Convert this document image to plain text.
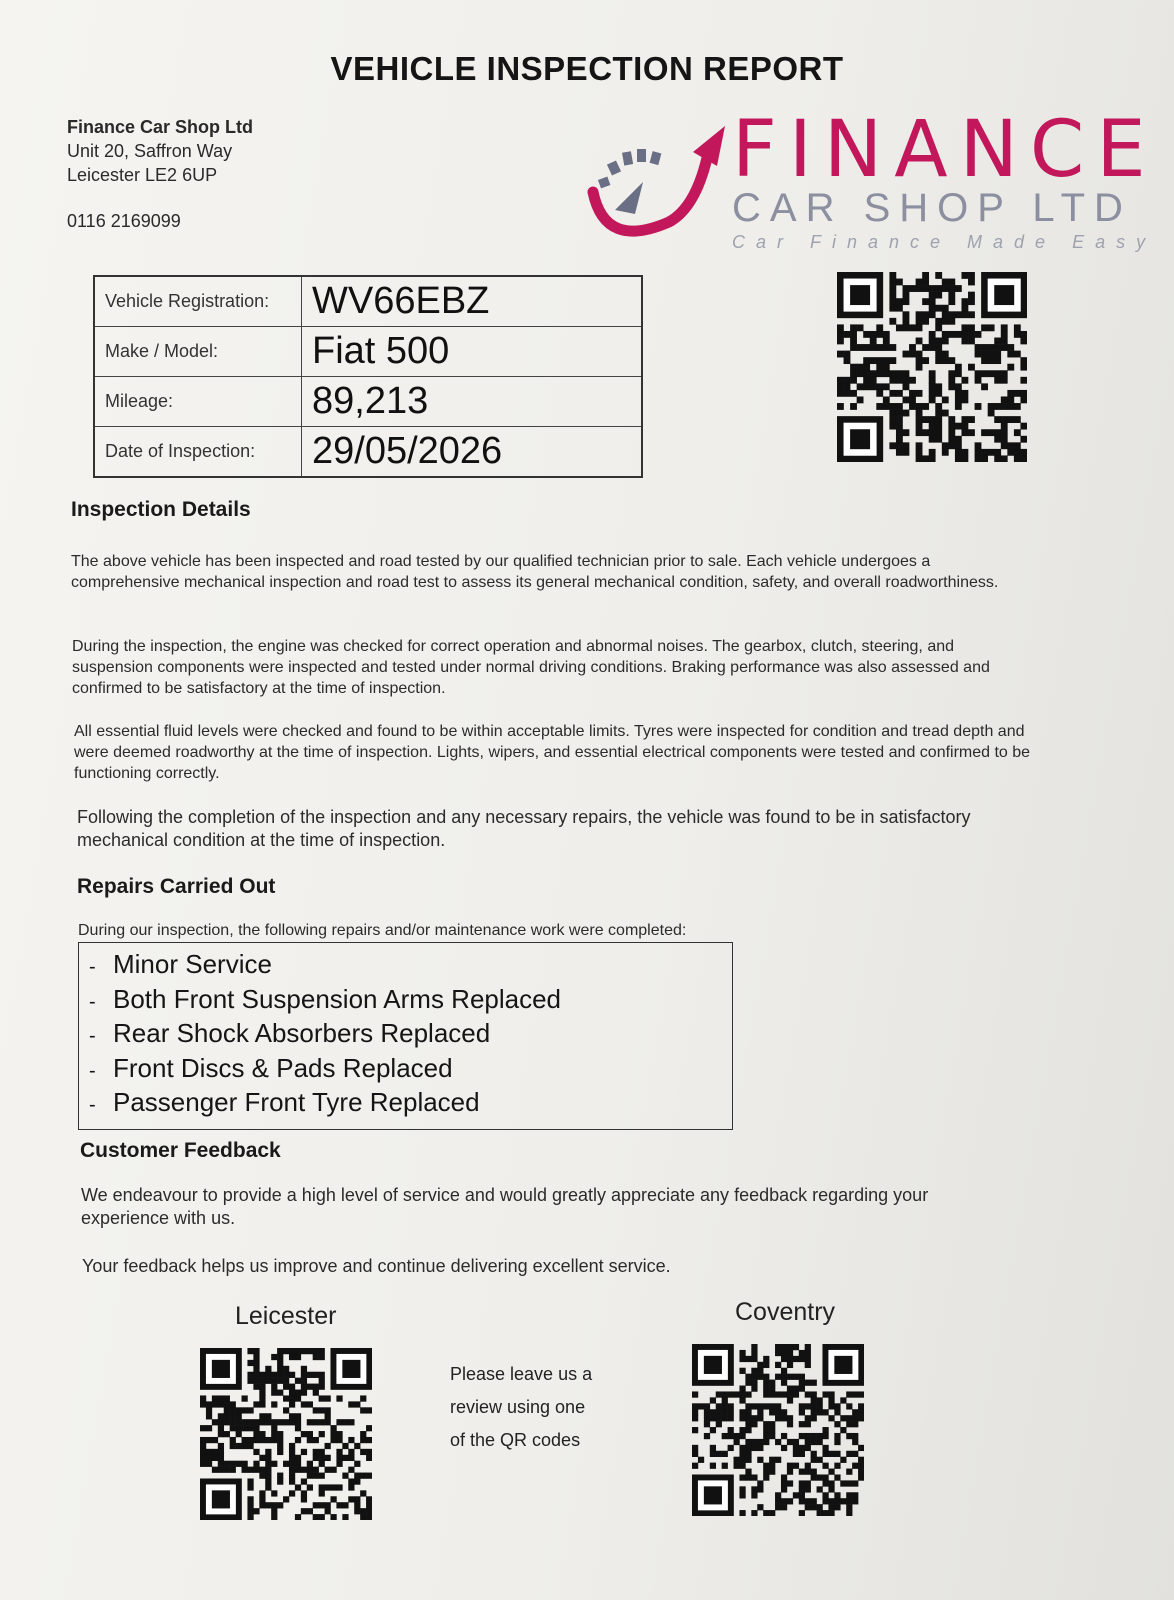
VEHICLE INSPECTION REPORT
Finance Car Shop Ltd
Unit 20, Saffron Way
Leicester LE2 6UP
0116 2169099
FINANCE
CAR SHOP LTD
Car Finance Made Easy
Vehicle Registration:	WV66EBZ
Make / Model:	Fiat 500
Mileage:	89,213
Date of Inspection:	29/05/2026
Inspection Details

The above vehicle has been inspected and road tested by our qualified technician prior to sale. Each vehicle undergoes a comprehensive mechanical inspection and road test to assess its general mechanical condition, safety, and overall roadworthiness.

During the inspection, the engine was checked for correct operation and abnormal noises. The gearbox, clutch, steering, and suspension components were inspected and tested under normal driving conditions. Braking performance was also assessed and confirmed to be satisfactory at the time of inspection.

All essential fluid levels were checked and found to be within acceptable limits. Tyres were inspected for condition and tread depth and were deemed roadworthy at the time of inspection. Lights, wipers, and essential electrical components were tested and confirmed to be functioning correctly.

Following the completion of the inspection and any necessary repairs, the vehicle was found to be in satisfactory mechanical condition at the time of inspection.

Repairs Carried Out

During our inspection, the following repairs and/or maintenance work were completed:

- Minor Service
- Both Front Suspension Arms Replaced
- Rear Shock Absorbers Replaced
- Front Discs & Pads Replaced
- Passenger Front Tyre Replaced
Customer Feedback

We endeavour to provide a high level of service and would greatly appreciate any feedback regarding your experience with us.

Your feedback helps us improve and continue delivering excellent service.

Leicester	Coventry
Please leave us a
review using one
of the QR codes
